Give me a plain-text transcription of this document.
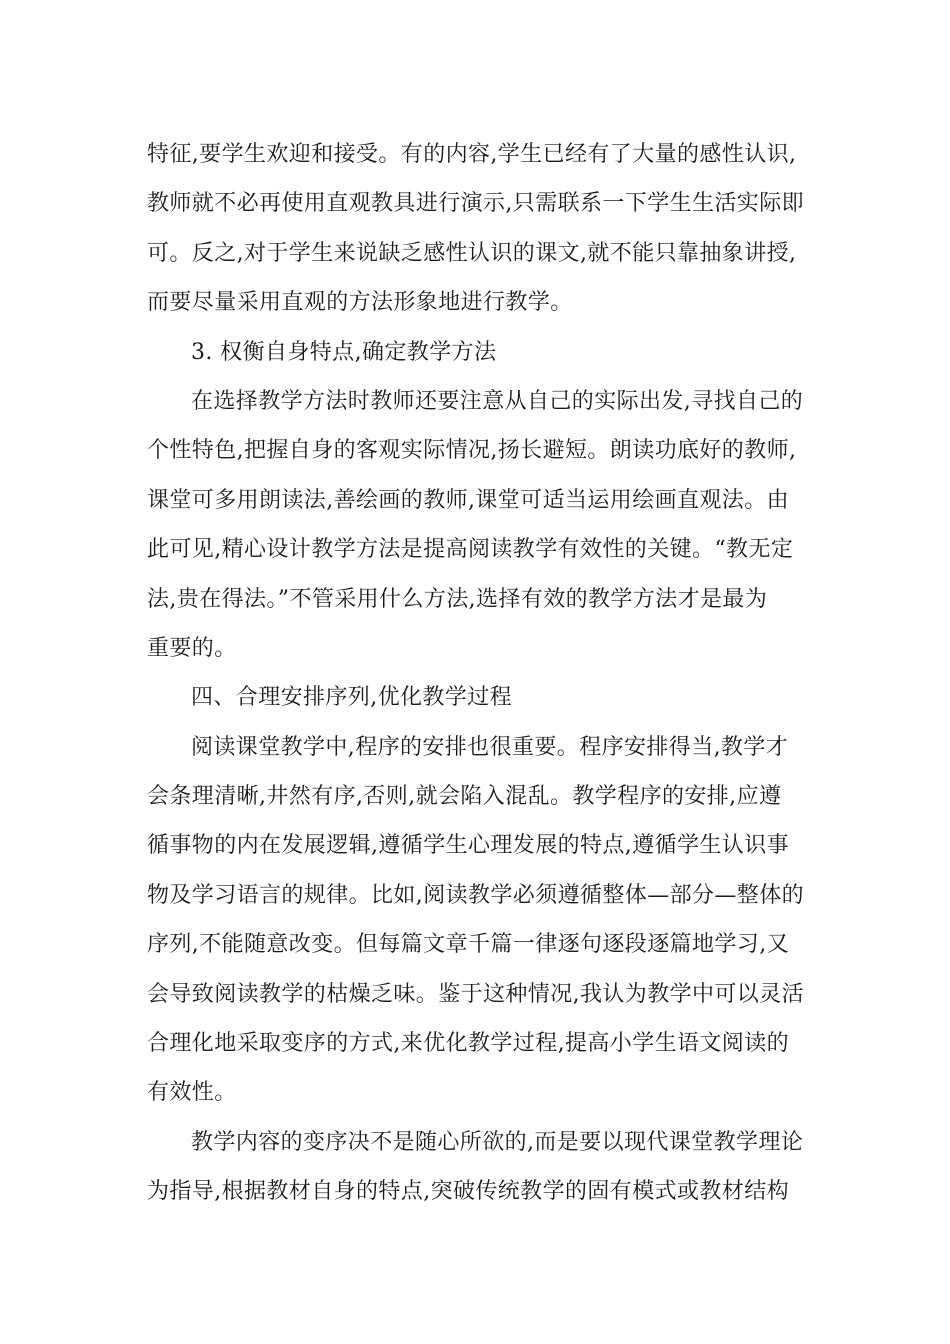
特征,要学生欢迎和接受。有的内容,学生已经有了大量的感性认识,
教师就不必再使用直观教具进行演示,只需联系一下学生生活实际即
可。反之,对于学生来说缺乏感性认识的课文,就不能只靠抽象讲授,
而要尽量采用直观的方法形象地进行教学。
3. 权衡自身特点,确定教学方法
在选择教学方法时教师还要注意从自己的实际出发,寻找自己的
个性特色,把握自身的客观实际情况,扬长避短。朗读功底好的教师,
课堂可多用朗读法,善绘画的教师,课堂可适当运用绘画直观法。由
此可见,精心设计教学方法是提高阅读教学有效性的关键。“教无定
法,贵在得法。”不管采用什么方法,选择有效的教学方法才是最为
重要的。
四、合理安排序列,优化教学过程
阅读课堂教学中,程序的安排也很重要。程序安排得当,教学才
会条理清晰,井然有序,否则,就会陷入混乱。教学程序的安排,应遵
循事物的内在发展逻辑,遵循学生心理发展的特点,遵循学生认识事
物及学习语言的规律。比如,阅读教学必须遵循整体—部分—整体的
序列,不能随意改变。但每篇文章千篇一律逐句逐段逐篇地学习,又
会导致阅读教学的枯燥乏味。鉴于这种情况,我认为教学中可以灵活
合理化地采取变序的方式,来优化教学过程,提高小学生语文阅读的
有效性。
教学内容的变序决不是随心所欲的,而是要以现代课堂教学理论
为指导,根据教材自身的特点,突破传统教学的固有模式或教材结构
